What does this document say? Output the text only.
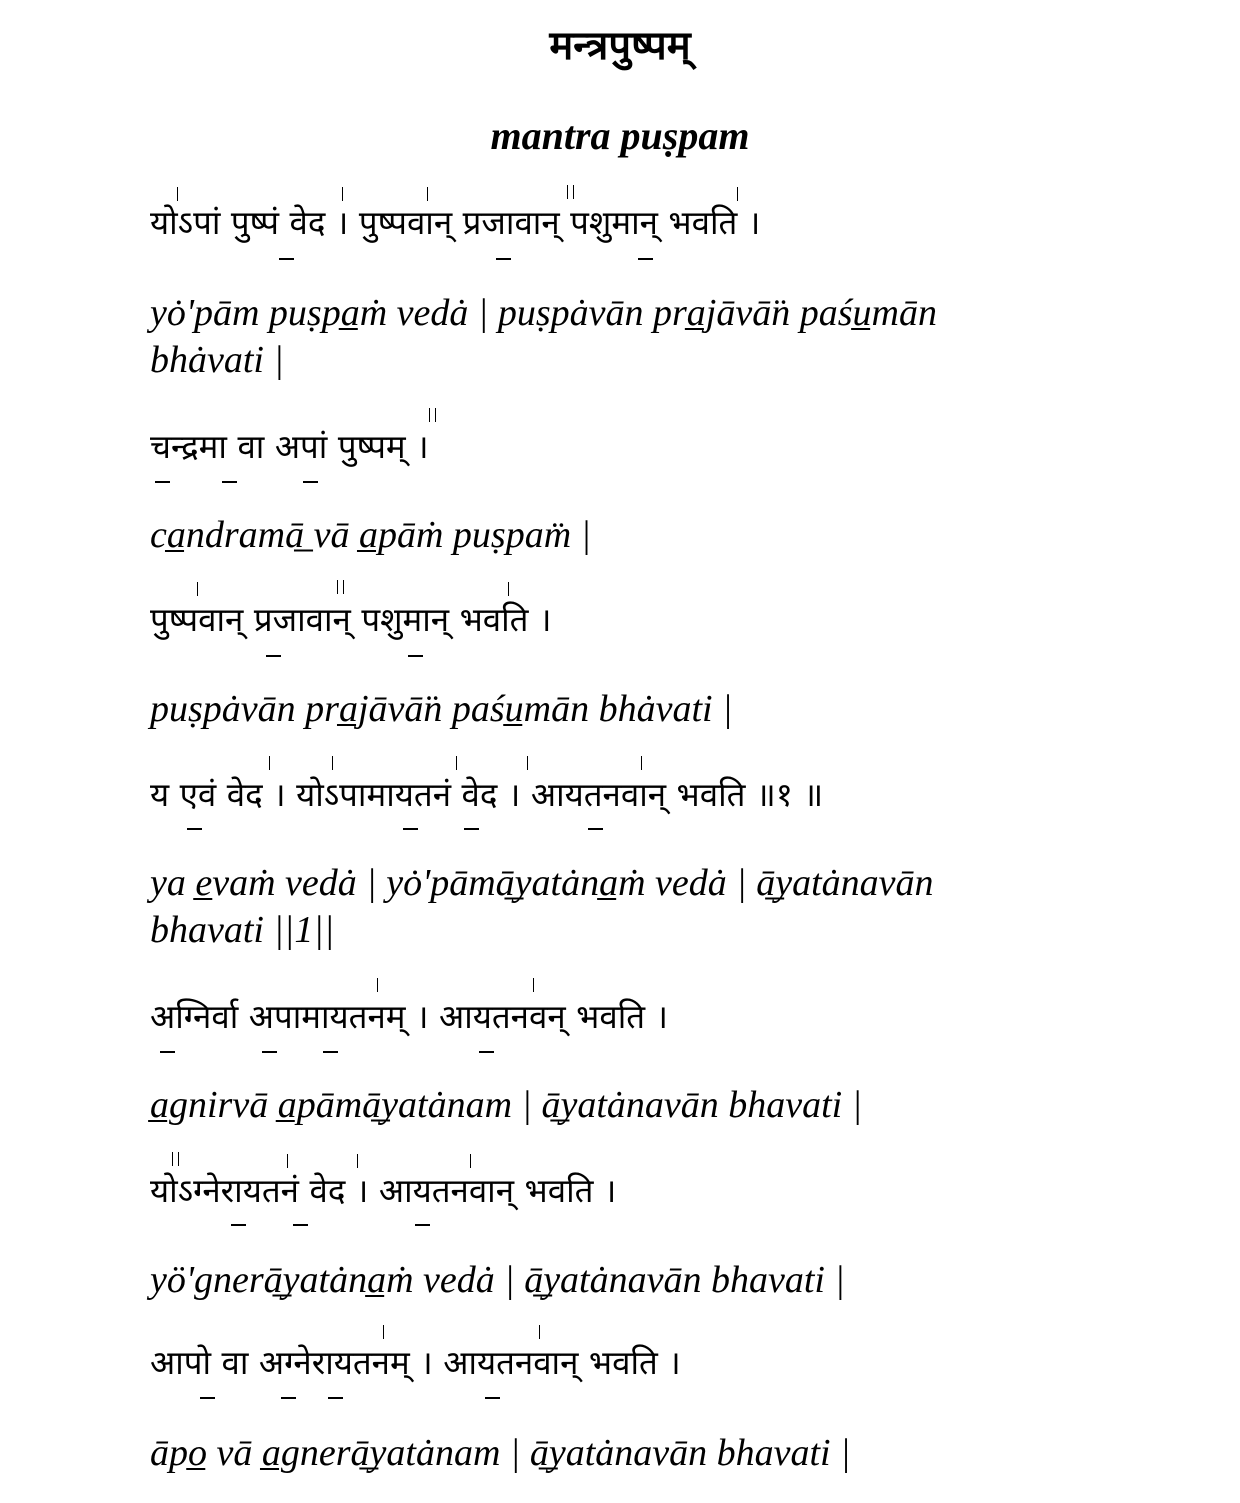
मन्त्रपुष्पम्
mantra puṣpam
योऽपां पुष्पं वेद । पुष्पवान् प्रजावान् पशुमान् भवति ।
yȯ'pām puṣpa̲ṁ vedȧ | puṣpȧvān pra̲jāvā̈n paśu̲mān bhȧvati |
चन्द्रमा वा अपां पुष्पम् ।
ca̲ndramā̲ vā a̲pāṁ puṣpam̈ |
पुष्पवान् प्रजावान् पशुमान् भवति ।
puṣpȧvān pra̲jāvā̈n paśu̲mān bhȧvati |
य एवं वेद । योऽपामायतनं वेद । आयतनवान् भवति ॥१ ॥
ya e̲vaṁ vedȧ | yȯ'pāmā̲yatȧna̲ṁ vedȧ | ā̲yatȧnavān bhavati ||1||
अग्निर्वा अपामायतनम् । आयतनवन् भवति ।
a̲gnirvā a̲pāmā̲yatȧnam | ā̲yatȧnavān bhavati |
योऽग्नेरायतनं वेद । आयतनवान् भवति ।
yö'gnerā̲yatȧna̲ṁ vedȧ | ā̲yatȧnavān bhavati |
आपो वा अग्नेरायतनम् । आयतनवान् भवति ।
āpo̲ vā a̲gnerā̲yatȧnam | ā̲yatȧnavān bhavati |
